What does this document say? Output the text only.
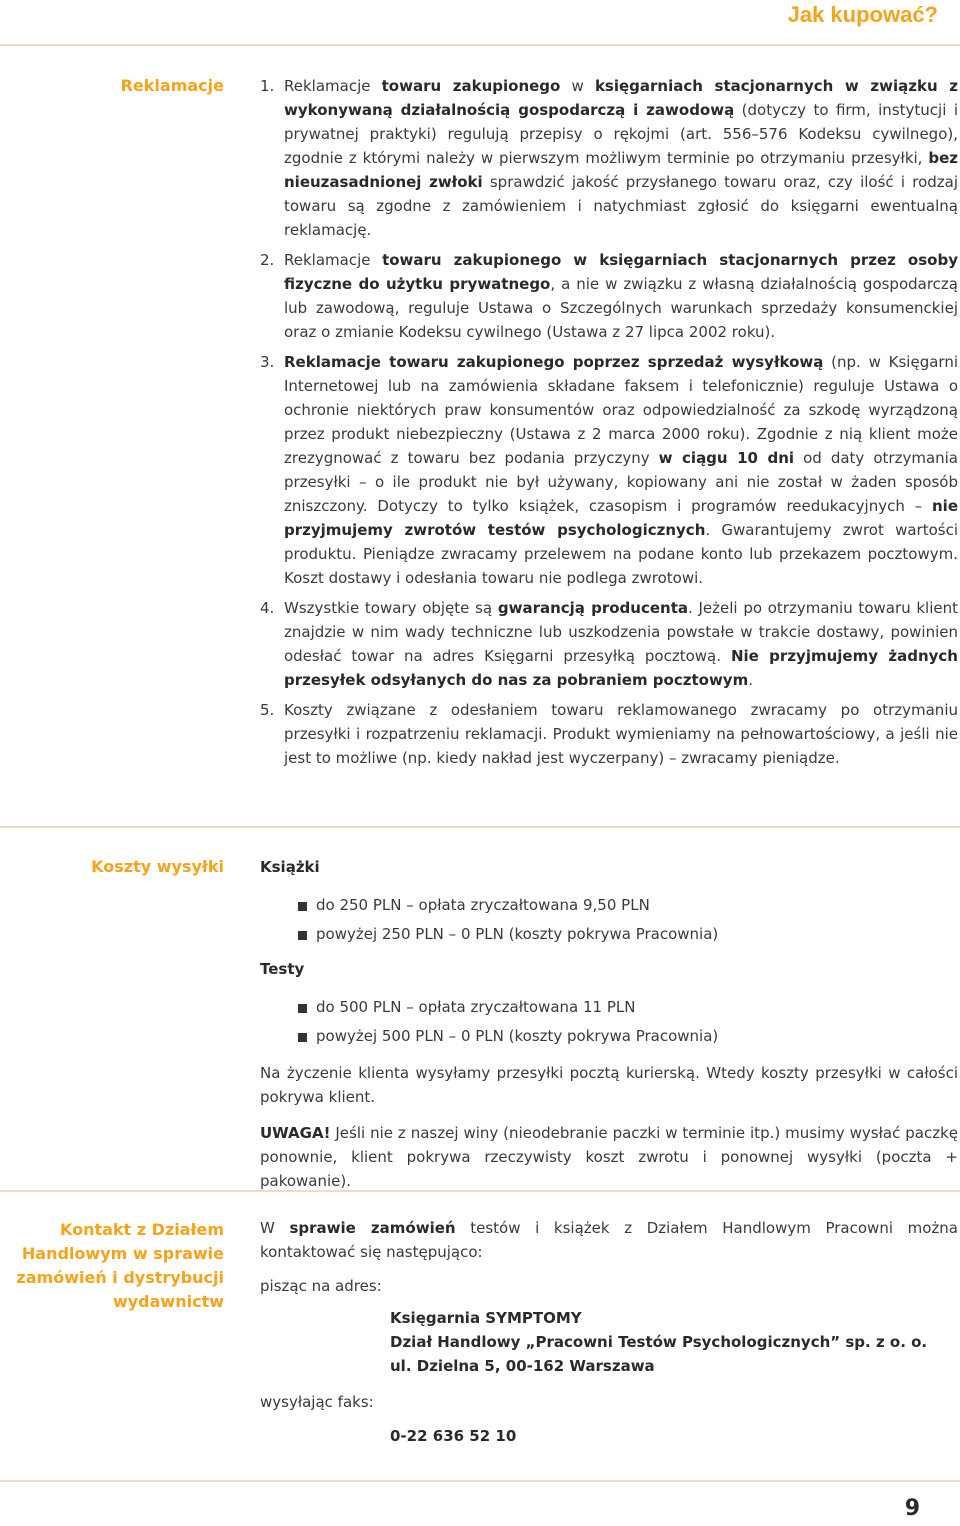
Jak kupować?
Reklamacje 1. Reklamacje towaru zakupionego w księgarniach stacjonarnych w związku z wykonywaną działalnością gospodarczą i zawodową (dotyczy to firm, instytucji i prywatnej praktyki) regulują przepisy o rękojmi (art. 556–576 Kodeksu cywilnego), zgodnie z którymi należy w pierwszym możliwym terminie po otrzymaniu przesyłki, bez nieuzasadnionej zwłoki sprawdzić jakość przysłanego towaru oraz, czy ilość i rodzaj towaru są zgodne z zamówieniem i natychmiast zgłosić do księgarni ewentualną reklamację.
2. Reklamacje towaru zakupionego w księgarniach stacjonarnych przez osoby fizyczne do użytku prywatnego, a nie w związku z własną działalnością gospodarczą lub zawodową, reguluje Ustawa o Szczególnych warunkach sprzedaży konsumenckiej oraz o zmianie Kodeksu cywilnego (Ustawa z 27 lipca 2002 roku).
3. Reklamacje towaru zakupionego poprzez sprzedaż wysyłkową (np. w Księgarni Internetowej lub na zamówienia składane faksem i telefonicznie) reguluje Ustawa o ochronie niektórych praw konsumentów oraz odpowiedzialność za szkodę wyrządzoną przez produkt niebezpieczny (Ustawa z 2 marca 2000 roku). Zgodnie z nią klient może zrezygnować z towaru bez podania przyczyny w ciągu 10 dni od daty otrzymania przesyłki – o ile produkt nie był używany, kopiowany ani nie został w żaden sposób zniszczony. Dotyczy to tylko książek, czasopism i programów reedukacyjnych – nie przyjmujemy zwrotów testów psychologicznych. Gwarantujemy zwrot wartości produktu. Pieniądze zwracamy przelewem na podane konto lub przekazem pocztowym. Koszt dostawy i odesłania towaru nie podlega zwrotowi.
4. Wszystkie towary objęte są gwarancją producenta. Jeżeli po otrzymaniu towaru klient znajdzie w nim wady techniczne lub uszkodzenia powstałe w trakcie dostawy, powinien odesłać towar na adres Księgarni przesyłką pocztową. Nie przyjmujemy żadnych przesyłek odsyłanych do nas za pobraniem pocztowym.
5. Koszty związane z odesłaniem towaru reklamowanego zwracamy po otrzymaniu przesyłki i rozpatrzeniu reklamacji. Produkt wymieniamy na pełnowartościowy, a jeśli nie jest to możliwe (np. kiedy nakład jest wyczerpany) – zwracamy pieniądze.
Koszty wysyłki Książki

do 250 PLN – opłata zryczałtowana 9,50 PLN
powyżej 250 PLN – 0 PLN (koszty pokrywa Pracownia)

Testy

do 500 PLN – opłata zryczałtowana 11 PLN
powyżej 500 PLN – 0 PLN (koszty pokrywa Pracownia)

Na życzenie klienta wysyłamy przesyłki pocztą kurierską. Wtedy koszty przesyłki w całości pokrywa klient.

UWAGA! Jeśli nie z naszej winy (nieodebranie paczki w terminie itp.) musimy wysłać paczkę ponownie, klient pokrywa rzeczywisty koszt zwrotu i ponownej wysyłki (poczta + pakowanie).

Kontakt z Działem Handlowym w sprawie zamówień i dystrybucji wydawnictw

W sprawie zamówień testów i książek z Działem Handlowym Pracowni można kontaktować się następująco:

pisząc na adres:

Księgarnia SYMPTOMY
Dział Handlowy „Pracowni Testów Psychologicznych” sp. z o. o.
ul. Dzielna 5, 00-162 Warszawa

wysyłając faks:

0-22 636 52 10
9
